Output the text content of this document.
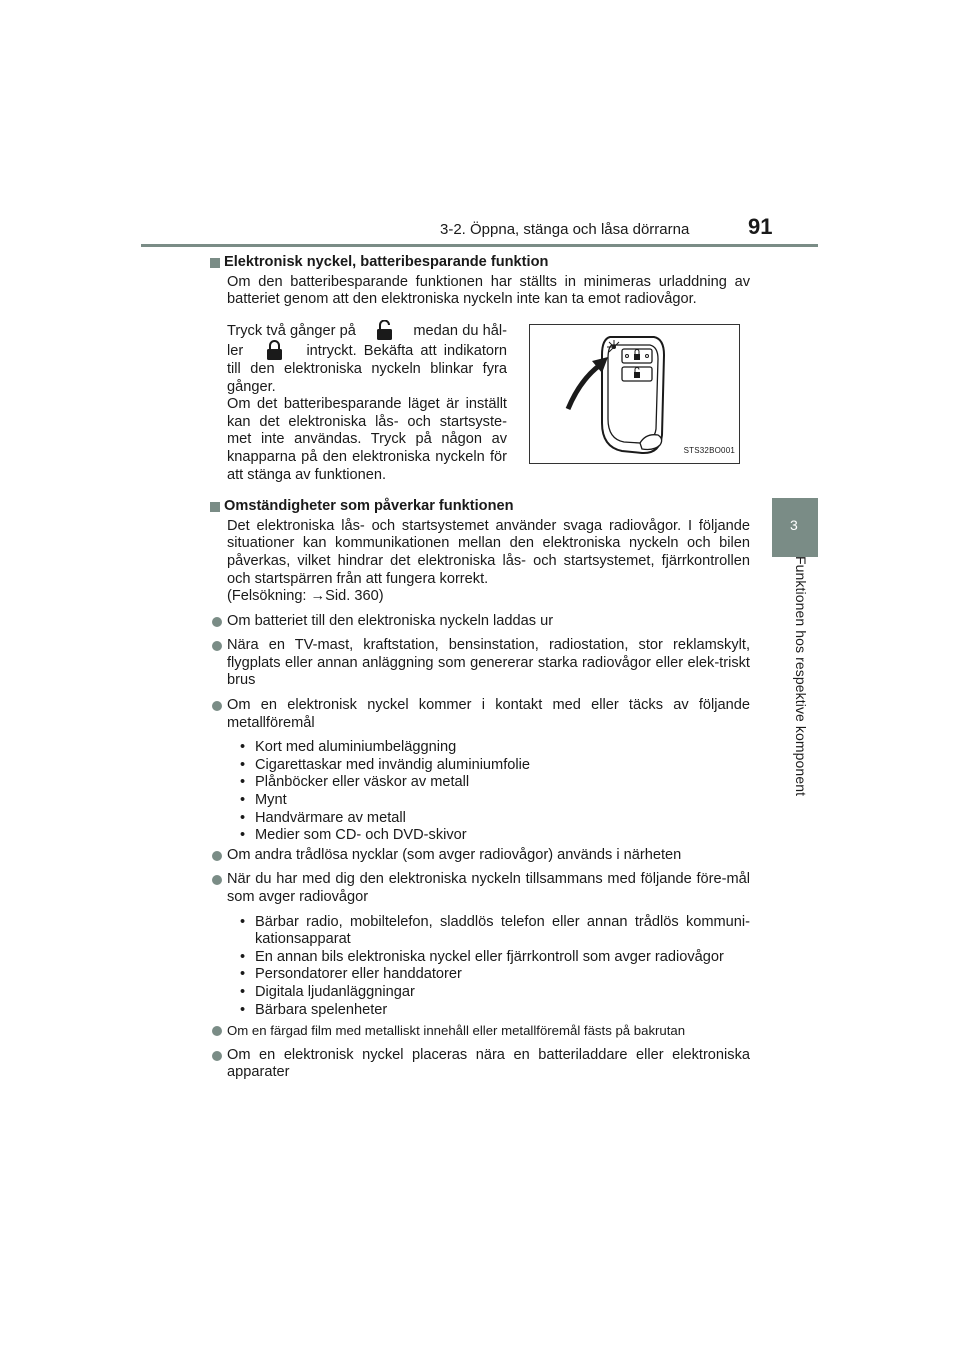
3-2. Öppna, stänga och låsa dörrarna	91
3
Funktionen hos respektive komponent
Elektronisk nyckel, batteribesparande funktion
Om den batteribesparande funktionen har ställts in minimeras urladdning av batteriet genom att den elektroniska nyckeln inte kan ta emot radiovågor.
Tryck två gånger på	medan du hål-ler	intryckt. Bekäfta att indikatorn till den elektroniska nyckeln blinkar fyra gånger.
Om det batteribesparande läget är inställt kan det elektroniska lås- och startsyste-met inte användas. Tryck på någon av knapparna på den elektroniska nyckeln för att stänga av funktionen.
STS32BO001
Omständigheter som påverkar funktionen
Det elektroniska lås- och startsystemet använder svaga radiovågor. I följande situationer kan kommunikationen mellan den elektroniska nyckeln och bilen påverkas, vilket hindrar det elektroniska lås- och startsystemet, fjärrkontrollen och startspärren från att fungera korrekt.
(Felsökning: →Sid. 360)
Om batteriet till den elektroniska nyckeln laddas ur
Nära en TV-mast, kraftstation, bensinstation, radiostation, stor reklamskylt, flygplats eller annan anläggning som genererar starka radiovågor eller elek-triskt brus
Om en elektronisk nyckel kommer i kontakt med eller täcks av följande metallföremål
• Kort med aluminiumbeläggning
• Cigarettaskar med invändig aluminiumfolie
• Plånböcker eller väskor av metall
• Mynt
• Handvärmare av metall
• Medier som CD- och DVD-skivor
Om andra trådlösa nycklar (som avger radiovågor) används i närheten
När du har med dig den elektroniska nyckeln tillsammans med följande före-mål som avger radiovågor
• Bärbar radio, mobiltelefon, sladdlös telefon eller annan trådlös kommuni-kationsapparat
• En annan bils elektroniska nyckel eller fjärrkontroll som avger radiovågor
• Persondatorer eller handdatorer
• Digitala ljudanläggningar
• Bärbara spelenheter
Om en färgad film med metalliskt innehåll eller metallföremål fästs på bakrutan
Om en elektronisk nyckel placeras nära en batteriladdare eller elektroniska apparater
